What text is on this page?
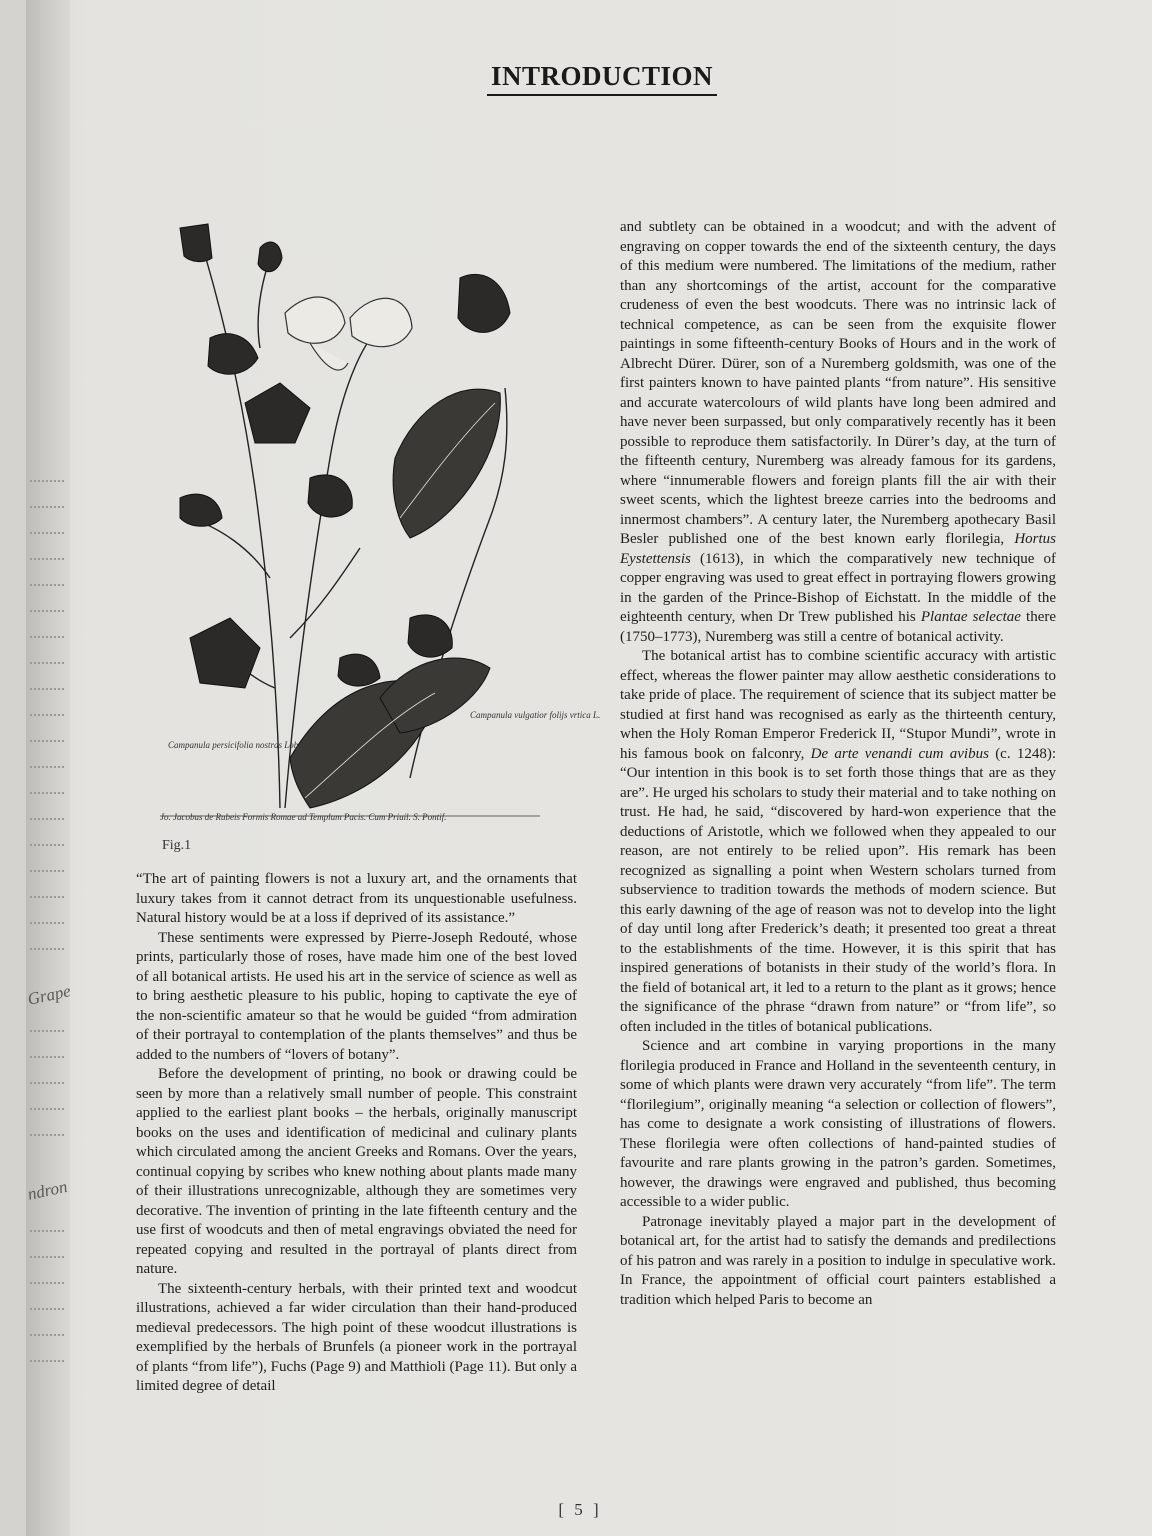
Grape
ndron
INTRODUCTION
Campanula persicifolia nostras Lob.
Campanula vulgatior folijs vrtica L.
Jo. Jacobus de Rubeis Formis Romae ad Templum Pacis. Cum Priuil. S. Pontif.
Fig.1

“The art of painting flowers is not a luxury art, and the ornaments that luxury takes from it cannot detract from its unquestionable usefulness. Natural history would be at a loss if deprived of its assistance.”

These sentiments were expressed by Pierre-Joseph Redouté, whose prints, particularly those of roses, have made him one of the best loved of all botanical artists. He used his art in the service of science as well as to bring aesthetic pleasure to his public, hoping to captivate the eye of the non-scientific amateur so that he would be guided “from admiration of their portrayal to contemplation of the plants themselves” and thus be added to the numbers of “lovers of botany”.

Before the development of printing, no book or drawing could be seen by more than a relatively small number of people. This constraint applied to the earliest plant books – the herbals, originally manuscript books on the uses and identification of medicinal and culinary plants which circulated among the ancient Greeks and Romans. Over the years, continual copying by scribes who knew nothing about plants made many of their illustrations unrecognizable, although they are sometimes very decorative. The invention of printing in the late fifteenth century and the use first of woodcuts and then of metal engravings obviated the need for repeated copying and resulted in the portrayal of plants direct from nature.

The sixteenth-century herbals, with their printed text and woodcut illustrations, achieved a far wider circulation than their hand-produced medieval predecessors. The high point of these woodcut illustrations is exemplified by the herbals of Brunfels (a pioneer work in the portrayal of plants “from life”), Fuchs (Page 9) and Matthioli (Page 11). But only a limited degree of detail

and subtlety can be obtained in a woodcut; and with the advent of engraving on copper towards the end of the sixteenth century, the days of this medium were numbered. The limitations of the medium, rather than any shortcomings of the artist, account for the comparative crudeness of even the best woodcuts. There was no intrinsic lack of technical competence, as can be seen from the exquisite flower paintings in some fifteenth-century Books of Hours and in the work of Albrecht Dürer. Dürer, son of a Nuremberg goldsmith, was one of the first painters known to have painted plants “from nature”. His sensitive and accurate watercolours of wild plants have long been admired and have never been surpassed, but only comparatively recently has it been possible to reproduce them satisfactorily. In Dürer’s day, at the turn of the fifteenth century, Nuremberg was already famous for its gardens, where “innumerable flowers and foreign plants fill the air with their sweet scents, which the lightest breeze carries into the bedrooms and innermost chambers”. A century later, the Nuremberg apothecary Basil Besler published one of the best known early florilegia, Hortus Eystettensis (1613), in which the comparatively new technique of copper engraving was used to great effect in portraying flowers growing in the garden of the Prince-Bishop of Eichstatt. In the middle of the eighteenth century, when Dr Trew published his Plantae selectae there (1750–1773), Nuremberg was still a centre of botanical activity.

The botanical artist has to combine scientific accuracy with artistic effect, whereas the flower painter may allow aesthetic considerations to take pride of place. The requirement of science that its subject matter be studied at first hand was recognised as early as the thirteenth century, when the Holy Roman Emperor Frederick II, “Stupor Mundi”, wrote in his famous book on falconry, De arte venandi cum avibus (c. 1248): “Our intention in this book is to set forth those things that are as they are”. He urged his scholars to study their material and to take nothing on trust. He had, he said, “discovered by hard-won experience that the deductions of Aristotle, which we followed when they appealed to our reason, are not entirely to be relied upon”. His remark has been recognized as signalling a point when Western scholars turned from subservience to tradition towards the methods of modern science. But this early dawning of the age of reason was not to develop into the light of day until long after Frederick’s death; it presented too great a threat to the establishments of the time. However, it is this spirit that has inspired generations of botanists in their study of the world’s flora. In the field of botanical art, it led to a return to the plant as it grows; hence the significance of the phrase “drawn from nature” or “from life”, so often included in the titles of botanical publications.

Science and art combine in varying proportions in the many florilegia produced in France and Holland in the seventeenth century, in some of which plants were drawn very accurately “from life”. The term “florilegium”, originally meaning “a selection or collection of flowers”, has come to designate a work consisting of illustrations of flowers. These florilegia were often collections of hand-painted studies of favourite and rare plants growing in the patron’s garden. Sometimes, however, the drawings were engraved and published, thus becoming accessible to a wider public.

Patronage inevitably played a major part in the development of botanical art, for the artist had to satisfy the demands and predilections of his patron and was rarely in a position to indulge in speculative work. In France, the appointment of official court painters established a tradition which helped Paris to become an

[ 5 ]
